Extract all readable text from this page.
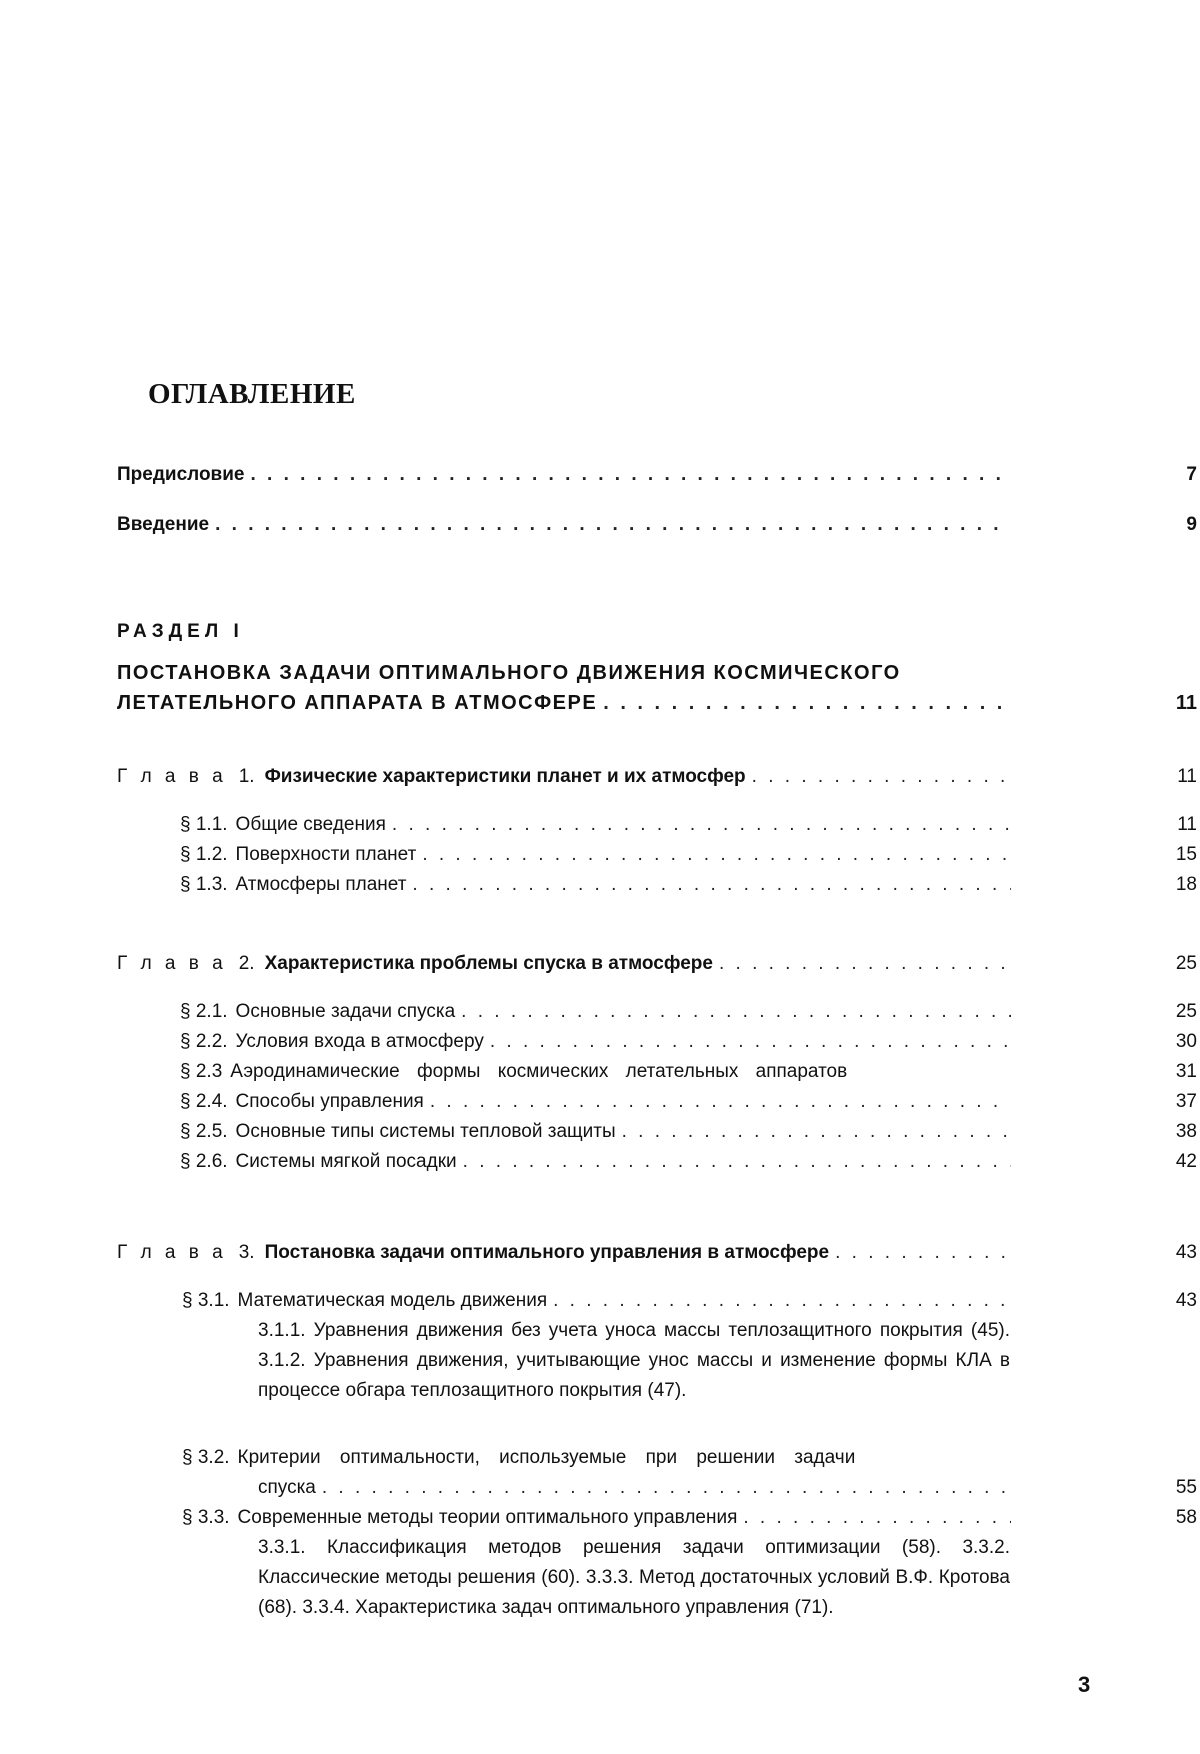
ОГЛАВЛЕНИЕ
Предисловие . . .	7
Введение . . .	9
РАЗДЕЛ I
ПОСТАНОВКА ЗАДАЧИ ОПТИМАЛЬНОГО ДВИЖЕНИЯ КОСМИЧЕСКОГО
ЛЕТАТЕЛЬНОГО АППАРАТА В АТМОСФЕРЕ . . .	11
Г л а в а 1. Физические характеристики планет и их атмосфер . . .	11
§ 1.1. Общие сведения . . .	11
§ 1.2. Поверхности планет . . .	15
§ 1.3. Атмосферы планет . . .	18
Г л а в а 2. Характеристика проблемы спуска в атмосфере . . .	25
§ 2.1. Основные задачи спуска . . .	25
§ 2.2. Условия входа в атмосферу . . .	30
§ 2.3 Аэродинамические формы космических летательных аппаратов	31
§ 2.4. Способы управления . . .	37
§ 2.5. Основные типы системы тепловой защиты . . .	38
§ 2.6. Системы мягкой посадки . . .	42
Г л а в а 3. Постановка задачи оптимального управления в атмосфере . . .	43
§ 3.1. Математическая модель движения . . .	43
3.1.1. Уравнения движения без учета уноса массы теплозащитного покрытия (45). 3.1.2. Уравнения движения, учитывающие унос массы и изменение формы КЛА в процессе обгара теплозащитного покрытия (47).
§ 3.2. Критерии оптимальности, используемые при решении задачи
спуска . . .	55
§ 3.3. Современные методы теории оптимального управления . . .	58
3.3.1. Классификация методов решения задачи оптимизации (58). 3.3.2. Классические методы решения (60). 3.3.3. Метод достаточных условий В.Ф. Кротова (68). 3.3.4. Характеристика задач оптимального управления (71).
3
